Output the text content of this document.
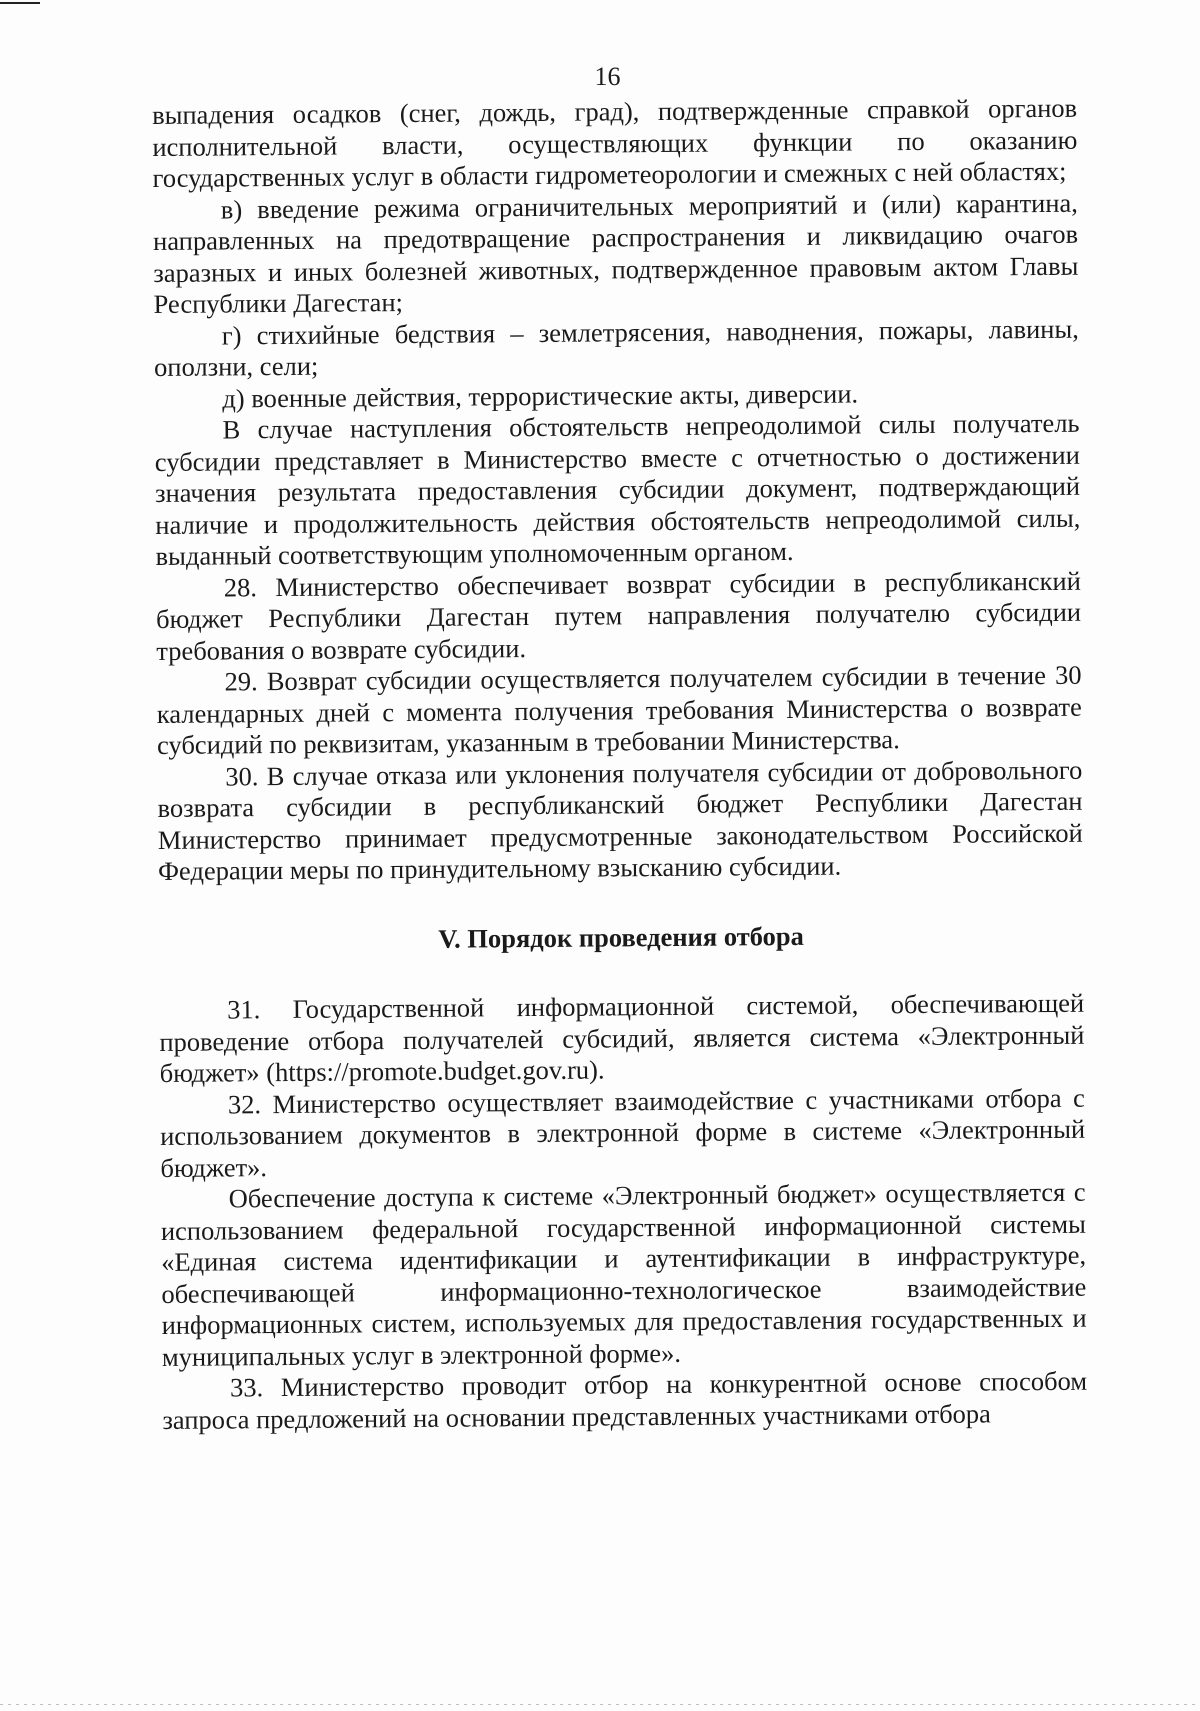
16

выпадения осадков (снег, дождь, град), подтвержденные справкой органов исполнительной власти, осуществляющих функции по оказанию государственных услуг в области гидрометеорологии и смежных с ней областях;

в) введение режима ограничительных мероприятий и (или) карантина, направленных на предотвращение распространения и ликвидацию очагов заразных и иных болезней животных, подтвержденное правовым актом Главы Республики Дагестан;

г) стихийные бедствия – землетрясения, наводнения, пожары, лавины, оползни, сели;

д) военные действия, террористические акты, диверсии.

В случае наступления обстоятельств непреодолимой силы получатель субсидии представляет в Министерство вместе с отчетностью о достижении значения результата предоставления субсидии документ, подтверждающий наличие и продолжительность действия обстоятельств непреодолимой силы, выданный соответствующим уполномоченным органом.

28. Министерство обеспечивает возврат субсидии в республиканский бюджет Республики Дагестан путем направления получателю субсидии требования о возврате субсидии.

29. Возврат субсидии осуществляется получателем субсидии в течение 30 календарных дней с момента получения требования Министерства о возврате субсидий по реквизитам, указанным в требовании Министерства.

30. В случае отказа или уклонения получателя субсидии от добровольного возврата субсидии в республиканский бюджет Республики Дагестан Министерство принимает предусмотренные законодательством Российской Федерации меры по принудительному взысканию субсидии.

V. Порядок проведения отбора

31. Государственной информационной системой, обеспечивающей проведение отбора получателей субсидий, является система «Электронный бюджет» (https://promote.budget.gov.ru).

32. Министерство осуществляет взаимодействие с участниками отбора с использованием документов в электронной форме в системе «Электронный бюджет».

Обеспечение доступа к системе «Электронный бюджет» осуществляется с использованием федеральной государственной информационной системы «Единая система идентификации и аутентификации в инфраструктуре, обеспечивающей информационно-технологическое взаимодействие информационных систем, используемых для предоставления государственных и муниципальных услуг в электронной форме».

33. Министерство проводит отбор на конкурентной основе способом запроса предложений на основании представленных участниками отбора
